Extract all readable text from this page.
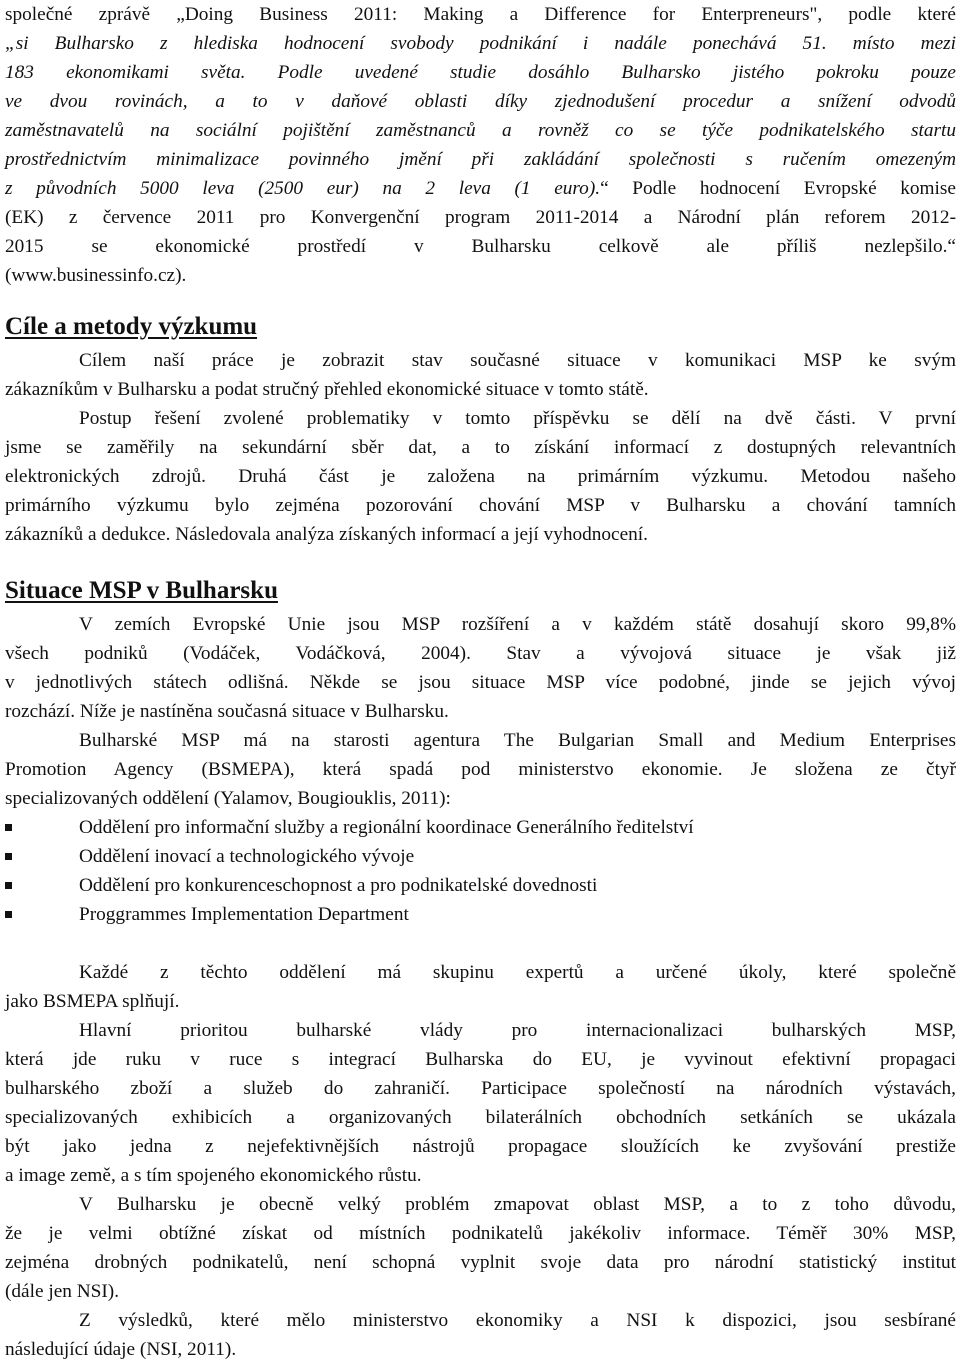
společné zprávě „Doing Business 2011: Making a Difference for Enterpreneurs", podle které
„si Bulharsko z hlediska hodnocení svobody podnikání i nadále ponechává 51. místo mezi
183 ekonomikami světa. Podle uvedené studie dosáhlo Bulharsko jistého pokroku pouze
ve dvou rovinách, a to v daňové oblasti díky zjednodušení procedur a snížení odvodů
zaměstnavatelů na sociální pojištění zaměstnanců a rovněž co se týče podnikatelského startu
prostřednictvím minimalizace povinného jmění při zakládání společnosti s ručením omezeným
z původních 5000 leva (2500 eur) na 2 leva (1 euro).“ Podle hodnocení Evropské komise
(EK) z července 2011 pro Konvergenční program 2011-2014 a Národní plán reforem 2012-
2015 se ekonomické prostředí v Bulharsku celkově ale příliš nezlepšilo.“
(www.businessinfo.cz).
Cíle a metody výzkumu
Cílem naší práce je zobrazit stav současné situace v komunikaci MSP ke svým
zákazníkům v Bulharsku a podat stručný přehled ekonomické situace v tomto státě.
Postup řešení zvolené problematiky v tomto příspěvku se dělí na dvě části. V první
jsme se zaměřily na sekundární sběr dat, a to získání informací z dostupných relevantních
elektronických zdrojů. Druhá část je založena na primárním výzkumu. Metodou našeho
primárního výzkumu bylo zejména pozorování chování MSP v Bulharsku a chování tamních
zákazníků a dedukce. Následovala analýza získaných informací a její vyhodnocení.
Situace MSP v Bulharsku
V zemích Evropské Unie jsou MSP rozšíření a v každém státě dosahují skoro 99,8%
všech podniků (Vodáček, Vodáčková, 2004). Stav a vývojová situace je však již
v jednotlivých státech odlišná. Někde se jsou situace MSP více podobné, jinde se jejich vývoj
rozchází. Níže je nastíněna současná situace v Bulharsku.
Bulharské MSP má na starosti agentura The Bulgarian Small and Medium Enterprises
Promotion Agency (BSMEPA), která spadá pod ministerstvo ekonomie. Je složena ze čtyř
specializovaných oddělení (Yalamov, Bougiouklis, 2011):
Oddělení pro informační služby a regionální koordinace Generálního ředitelství
Oddělení inovací a technologického vývoje
Oddělení pro konkurenceschopnost a pro podnikatelské dovednosti
Proggrammes Implementation Department
Každé z těchto oddělení má skupinu expertů a určené úkoly, které společně
jako BSMEPA splňují.
Hlavní prioritou bulharské vlády pro internacionalizaci bulharských MSP,
která jde ruku v ruce s integrací Bulharska do EU, je vyvinout efektivní propagaci
bulharského zboží a služeb do zahraničí. Participace společností na národních výstavách,
specializovaných exhibicích a organizovaných bilaterálních obchodních setkáních se ukázala
být jako jedna z nejefektivnějších nástrojů propagace sloužících ke zvyšování prestiže
a image země, a s tím spojeného ekonomického růstu.
V Bulharsku je obecně velký problém zmapovat oblast MSP, a to z toho důvodu,
že je velmi obtížné získat od místních podnikatelů jakékoliv informace. Téměř 30% MSP,
zejména drobných podnikatelů, není schopná vyplnit svoje data pro národní statistický institut
(dále jen NSI).
Z výsledků, které mělo ministerstvo ekonomiky a NSI k dispozici, jsou sesbírané
následující údaje (NSI, 2011).
